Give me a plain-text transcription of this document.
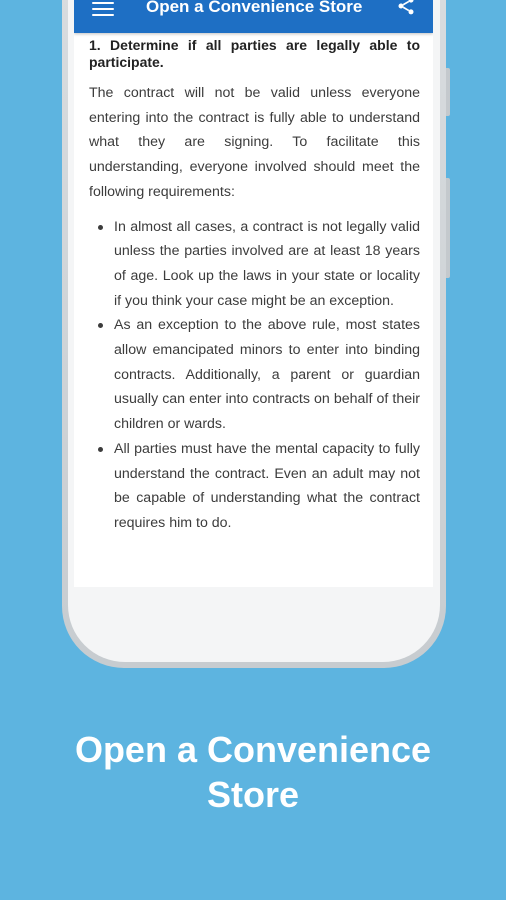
Open a Convenience Store

1. Determine if all parties are legally able to participate.

The contract will not be valid unless everyone entering into the contract is fully able to understand what they are signing. To facilitate this understanding, everyone involved should meet the following requirements:

In almost all cases, a contract is not legally valid unless the parties involved are at least 18 years of age. Look up the laws in your state or locality if you think your case might be an exception.
As an exception to the above rule, most states allow emancipated minors to enter into binding contracts. Additionally, a parent or guardian usually can enter into contracts on behalf of their children or wards.
All parties must have the mental capacity to fully understand the contract. Even an adult may not be capable of understanding what the contract requires him to do.
Open a Convenience
Store
